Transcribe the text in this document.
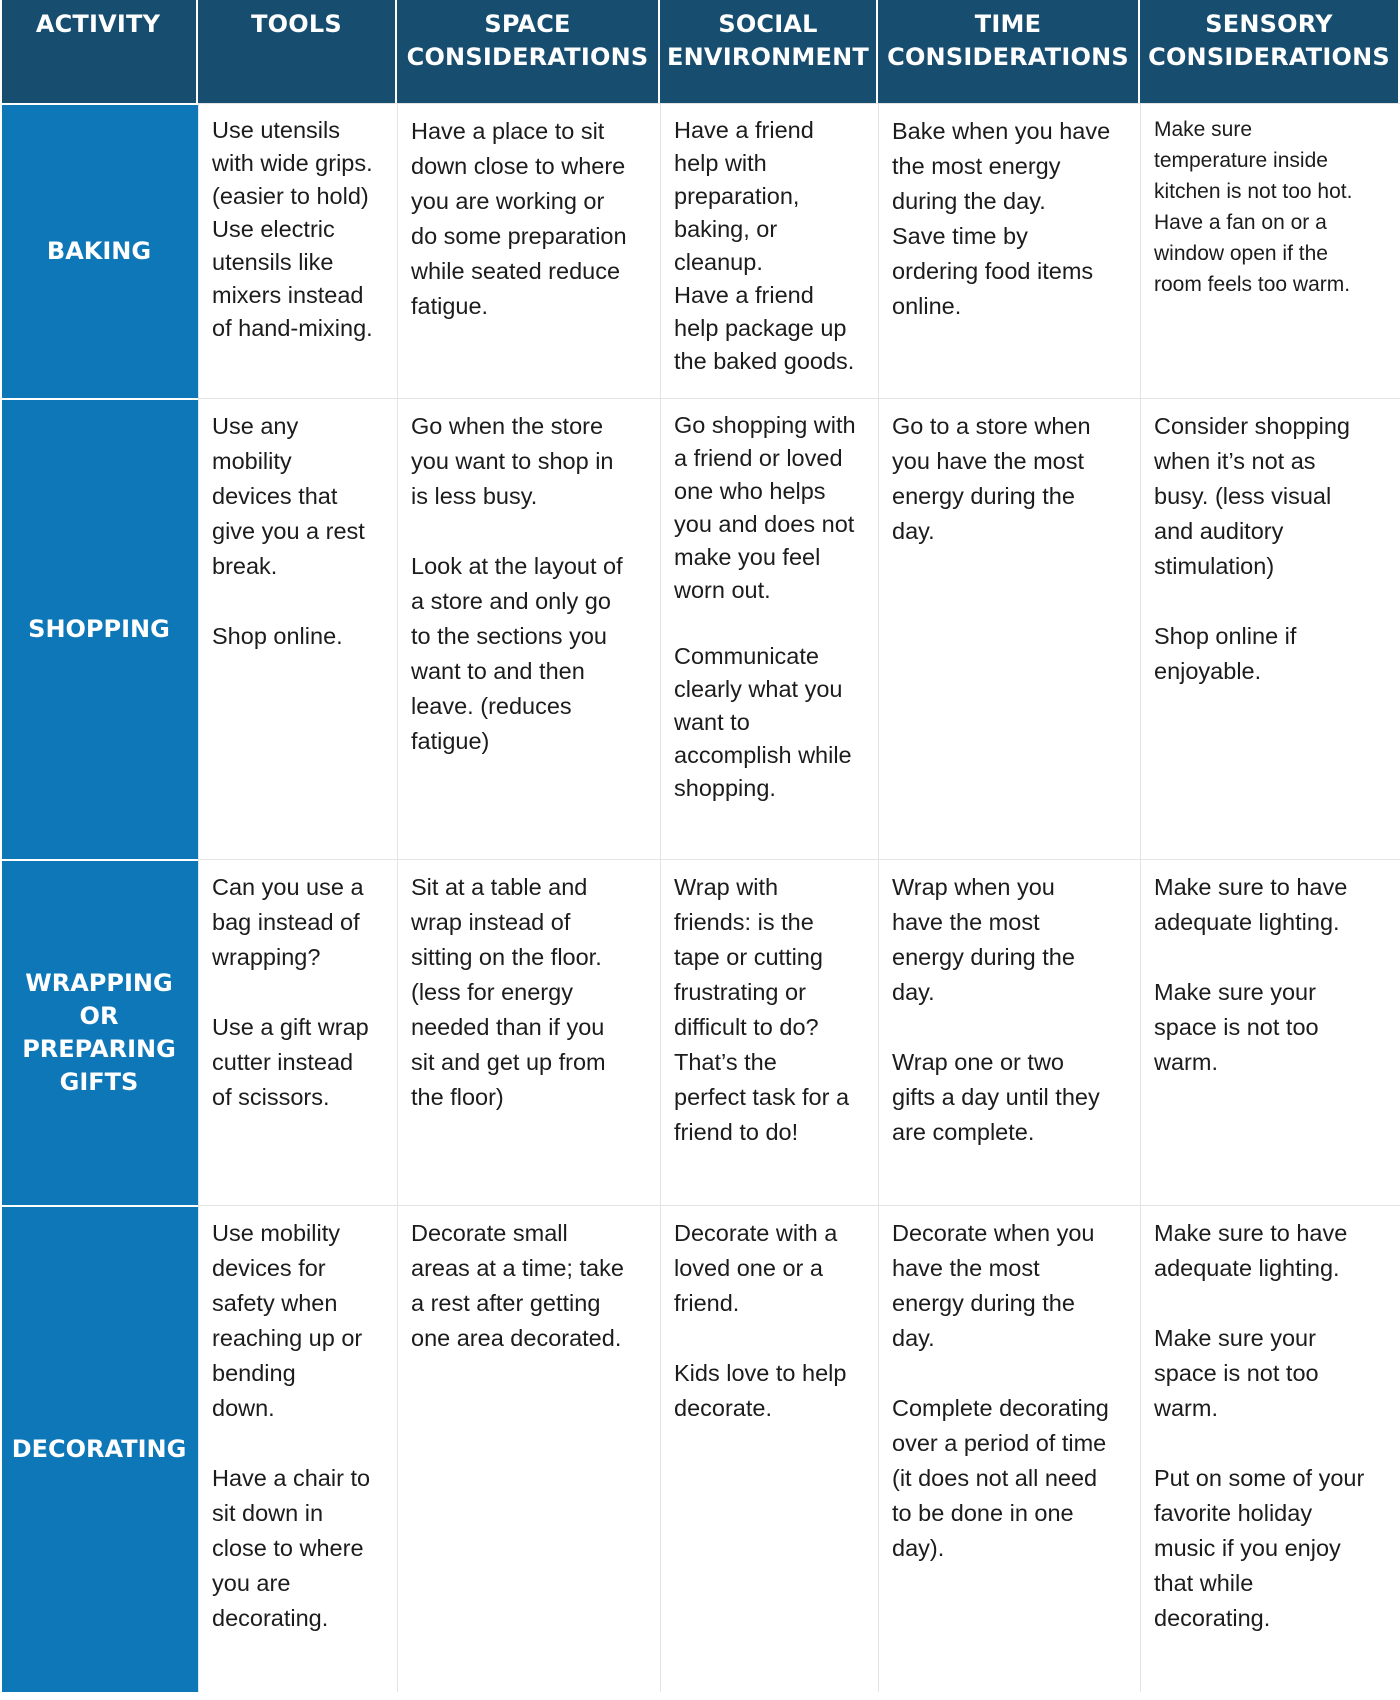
ACTIVITY	TOOLS	SPACE
CONSIDERATIONS
SOCIAL
ENVIRONMENT
TIME
CONSIDERATIONS
SENSORY
CONSIDERATIONS
BAKING
Use utensils
with wide grips.
(easier to hold)
Use electric
utensils like
mixers instead
of hand-mixing.
Have a place to sit
down close to where
you are working or
do some preparation
while seated reduce
fatigue.
Have a friend
help with
preparation,
baking, or
cleanup.
Have a friend
help package up
the baked goods.
Bake when you have
the most energy
during the day.
Save time by
ordering food items
online.
Make sure
temperature inside
kitchen is not too hot.
Have a fan on or a
window open if the
room feels too warm.
SHOPPING
Use any
mobility
devices that
give you a rest
break.

Shop online.
Go when the store
you want to shop in
is less busy.

Look at the layout of
a store and only go
to the sections you
want to and then
leave. (reduces
fatigue)
Go shopping with
a friend or loved
one who helps
you and does not
make you feel
worn out.

Communicate
clearly what you
want to
accomplish while
shopping.
Go to a store when
you have the most
energy during the
day.
Consider shopping
when it’s not as
busy. (less visual
and auditory
stimulation)

Shop online if
enjoyable.
WRAPPING
OR
PREPARING
GIFTS
Can you use a
bag instead of
wrapping?

Use a gift wrap
cutter instead
of scissors.
Sit at a table and
wrap instead of
sitting on the floor.
(less for energy
needed than if you
sit and get up from
the floor)
Wrap with
friends: is the
tape or cutting
frustrating or
difficult to do?
That’s the
perfect task for a
friend to do!
Wrap when you
have the most
energy during the
day.

Wrap one or two
gifts a day until they
are complete.
Make sure to have
adequate lighting.

Make sure your
space is not too
warm.
DECORATING
Use mobility
devices for
safety when
reaching up or
bending
down.

Have a chair to
sit down in
close to where
you are
decorating.
Decorate small
areas at a time; take
a rest after getting
one area decorated.
Decorate with a
loved one or a
friend.

Kids love to help
decorate.
Decorate when you
have the most
energy during the
day.

Complete decorating
over a period of time
(it does not all need
to be done in one
day).
Make sure to have
adequate lighting.

Make sure your
space is not too
warm.

Put on some of your
favorite holiday
music if you enjoy
that while
decorating.
